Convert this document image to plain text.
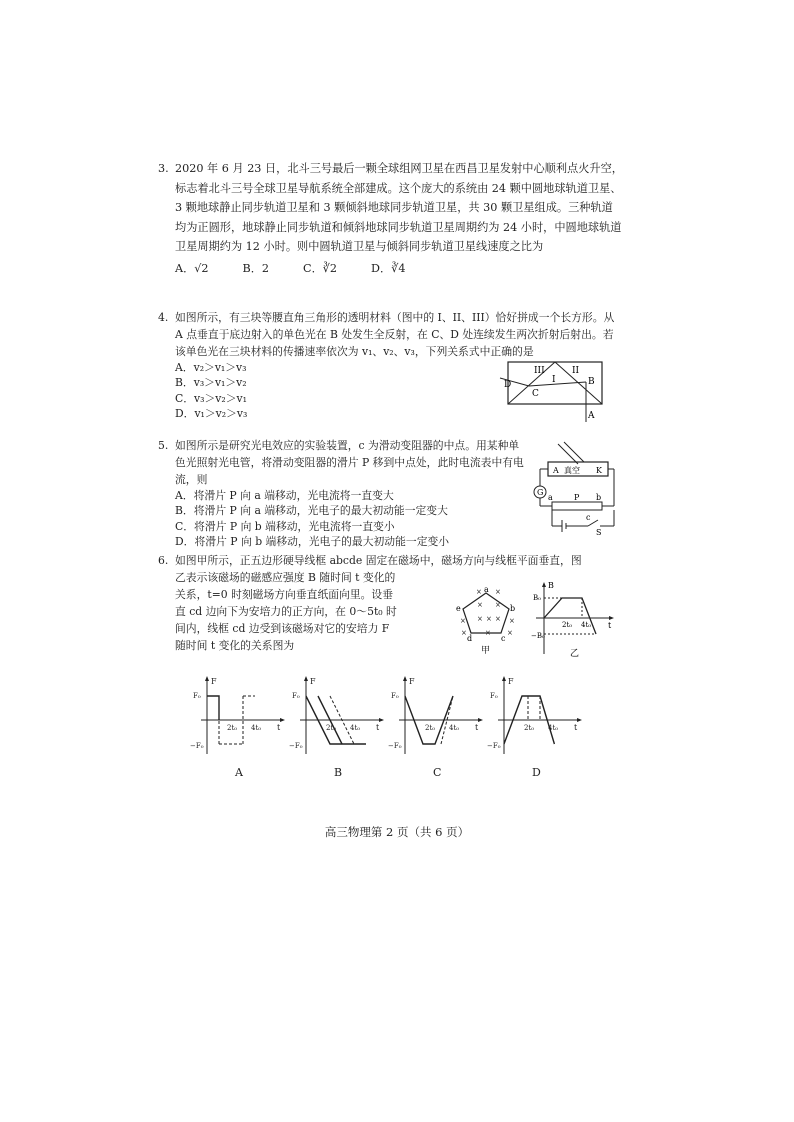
3. 2020 年 6 月 23 日，北斗三号最后一颗全球组网卫星在西昌卫星发射中心顺利点火升空，标志着北斗三号全球卫星导航系统全部建成。这个庞大的系统由 24 颗中圆地球轨道卫星、3 颗地球静止同步轨道卫星和 3 颗倾斜地球同步轨道卫星，共 30 颗卫星组成。三种轨道均为正圆形，地球静止同步轨道和倾斜地球同步轨道卫星周期约为 24 小时，中圆地球轨道卫星周期约为 12 小时。则中圆轨道卫星与倾斜同步轨道卫星线速度之比为
A．√2	B．2	C．∛2	D．∛4
4. 如图所示，有三块等腰直角三角形的透明材料（图中的 I、II、III）恰好拼成一个长方形。从 A 点垂直于底边射入的单色光在 B 处发生全反射，在 C、D 处连续发生两次折射后射出。若该单色光在三块材料的传播速率依次为 v₁、v₂、v₃，下列关系式中正确的是
A．v₂＞v₁＞v₃
B．v₃＞v₁＞v₂
C．v₃＞v₂＞v₁
D．v₁＞v₂＞v₃
III	II
I	B
C
D
A
5. 如图所示是研究光电效应的实验装置，c 为滑动变阻器的中点。用某种单色光照射光电管，将滑动变阻器的滑片 P 移到中点处，此时电流表中有电流，则
A．将滑片 P 向 a 端移动，光电流将一直变大
B．将滑片 P 向 a 端移动，光电子的最大初动能一定变大
C．将滑片 P 向 b 端移动，光电流将一直变小
D．将滑片 P 向 b 端移动，光电子的最大初动能一定变小
A 真空 K
G
a	P b
c
S
6. 如图甲所示，正五边形硬导线框 abcde 固定在磁场中，磁场方向与线框平面垂直，图
乙表示该磁场的磁感应强度 B 随时间 t 变化的关系，t=0 时刻磁场方向垂直纸面向里。设垂直 cd 边向下为安培力的正方向，在 0～5t₀ 时间内，线框 cd 边受到该磁场对它的安培力 F 随时间 t 变化的关系图为
a
b
c
d
e
× ×
×
× ×
×
× × ×
×	× ×
甲
B
t
B₀
−B₀
2t₀ 4t₀
乙
F
t
F₀
−F₀
2t₀ 4t₀
A
F
t
F₀
−F₀
2t₀ 4t₀
B
F
t
F₀
−F₀
2t₀ 4t₀
C
F
t
F₀
−F₀
2t₀ 4t₀
D
高三物理第 2 页（共 6 页）
